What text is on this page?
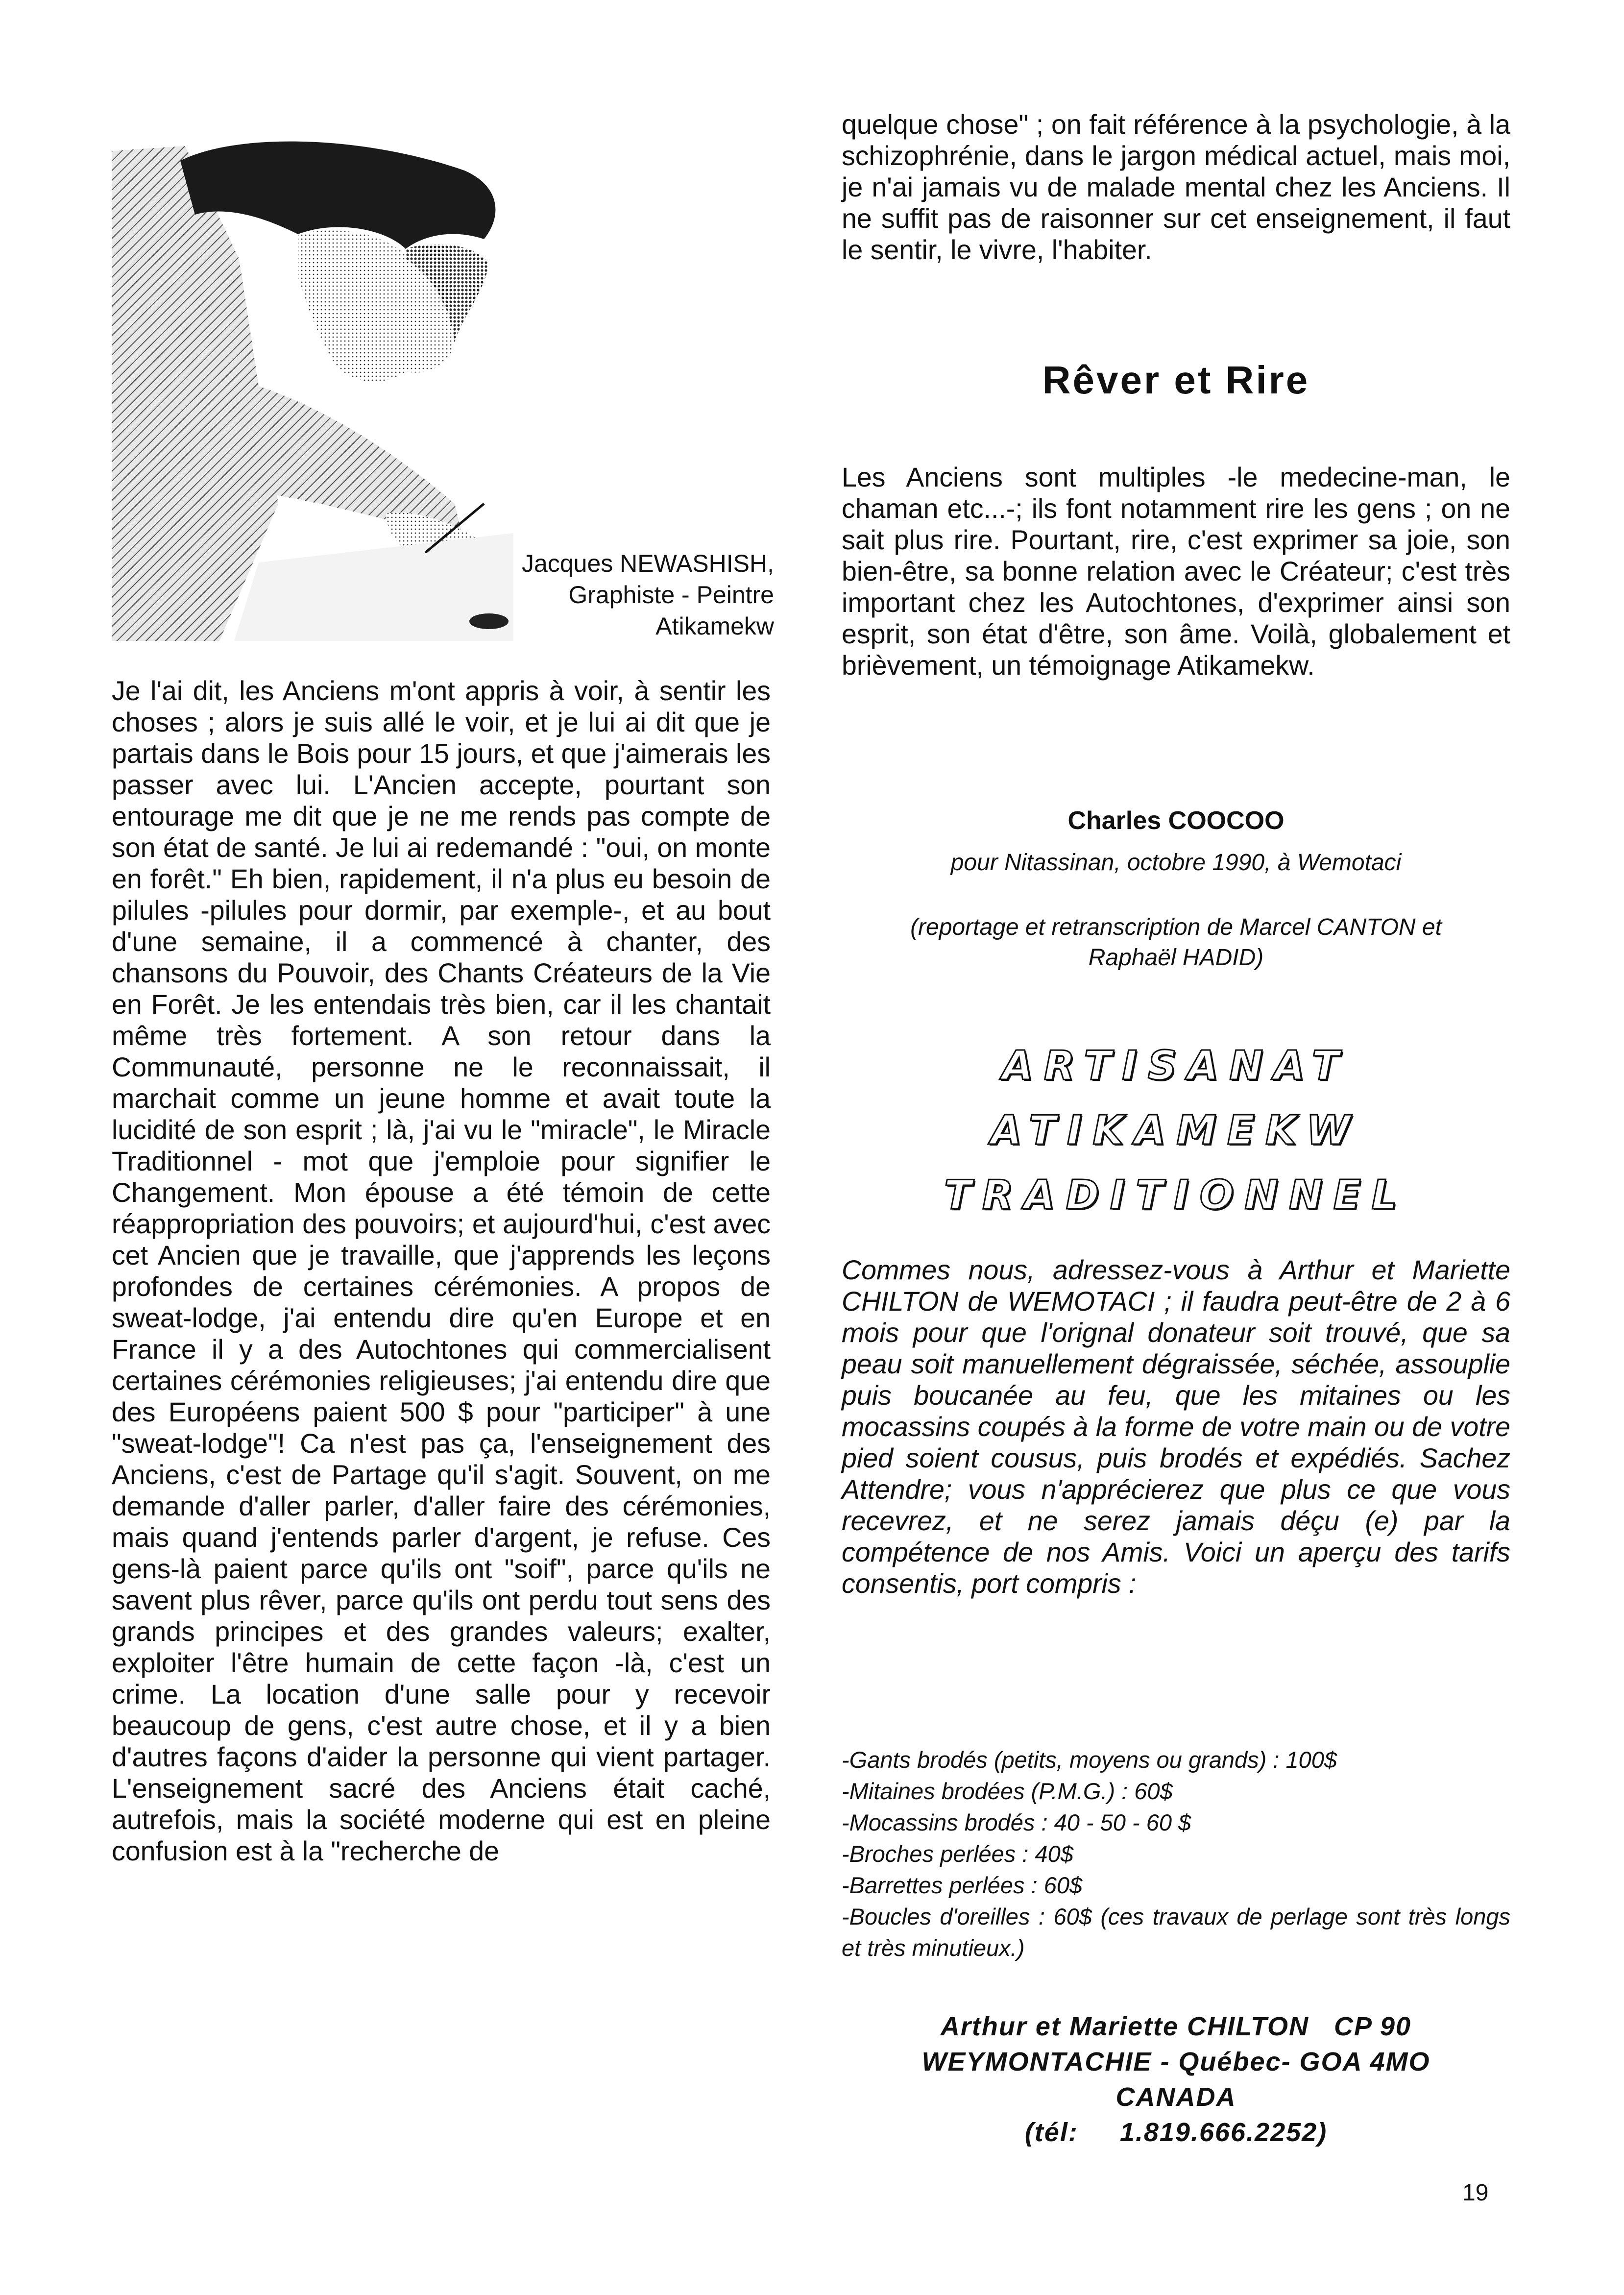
Jacques NEWASHISH,
Graphiste - Peintre
Atikamekw

Je l'ai dit, les Anciens m'ont appris à voir, à sentir les choses ; alors je suis allé le voir, et je lui ai dit que je partais dans le Bois pour 15 jours, et que j'aimerais les passer avec lui. L'Ancien accepte, pourtant son entourage me dit que je ne me rends pas compte de son état de santé. Je lui ai redemandé : "oui, on monte en forêt." Eh bien, rapidement, il n'a plus eu besoin de pilules -pilules pour dormir, par exemple-, et au bout d'une semaine, il a commencé à chanter, des chansons du Pouvoir, des Chants Créateurs de la Vie en Forêt. Je les entendais très bien, car il les chantait même très fortement. A son retour dans la Communauté, personne ne le reconnaissait, il marchait comme un jeune homme et avait toute la lucidité de son esprit ; là, j'ai vu le "miracle", le Miracle Traditionnel - mot que j'emploie pour signifier le Changement. Mon épouse a été témoin de cette réappropriation des pouvoirs; et aujourd'hui, c'est avec cet Ancien que je travaille, que j'apprends les leçons profondes de certaines cérémonies. A propos de sweat-lodge, j'ai entendu dire qu'en Europe et en France il y a des Autochtones qui commercialisent certaines cérémonies religieuses; j'ai entendu dire que des Européens paient 500 $ pour "participer" à une "sweat-lodge"! Ca n'est pas ça, l'enseignement des Anciens, c'est de Partage qu'il s'agit. Souvent, on me demande d'aller parler, d'aller faire des cérémonies, mais quand j'entends parler d'argent, je refuse. Ces gens-là paient parce qu'ils ont "soif", parce qu'ils ne savent plus rêver, parce qu'ils ont perdu tout sens des grands principes et des grandes valeurs; exalter, exploiter l'être humain de cette façon -là, c'est un crime. La location d'une salle pour y recevoir beaucoup de gens, c'est autre chose, et il y a bien d'autres façons d'aider la personne qui vient partager. L'enseignement sacré des Anciens était caché, autrefois, mais la société moderne qui est en pleine confusion est à la "recherche de

quelque chose" ; on fait référence à la psychologie, à la schizophrénie, dans le jargon médical actuel, mais moi, je n'ai jamais vu de malade mental chez les Anciens. Il ne suffit pas de raisonner sur cet enseignement, il faut le sentir, le vivre, l'habiter.

Rêver et Rire

Les Anciens sont multiples -le medecine-man, le chaman etc...-; ils font notamment rire les gens ; on ne sait plus rire. Pourtant, rire, c'est exprimer sa joie, son bien-être, sa bonne relation avec le Créateur; c'est très important chez les Autochtones, d'exprimer ainsi son esprit, son état d'être, son âme. Voilà, globalement et brièvement, un témoignage Atikamekw.

Charles COOCOO
pour Nitassinan, octobre 1990, à Wemotaci
(reportage et retranscription de Marcel CANTON et
Raphaël HADID)
ARTISANAT
ATIKAMEKW
TRADITIONNEL

Commes nous, adressez-vous à Arthur et Mariette CHILTON de WEMOTACI ; il faudra peut-être de 2 à 6 mois pour que l'orignal donateur soit trouvé, que sa peau soit manuellement dégraissée, séchée, assouplie puis boucanée au feu, que les mitaines ou les mocassins coupés à la forme de votre main ou de votre pied soient cousus, puis brodés et expédiés. Sachez Attendre; vous n'apprécierez que plus ce que vous recevrez, et ne serez jamais déçu (e) par la compétence de nos Amis. Voici un aperçu des tarifs consentis, port compris :

-Gants brodés (petits, moyens ou grands) : 100$
-Mitaines brodées (P.M.G.) : 60$
-Mocassins brodés : 40 - 50 - 60 $
-Broches perlées : 40$
-Barrettes perlées : 60$
-Boucles d'oreilles : 60$ (ces travaux de perlage sont très longs et très minutieux.)
Arthur et Mariette CHILTON   CP 90
WEYMONTACHIE - Québec- GOA 4MO
CANADA
(tél:     1.819.666.2252)
19
